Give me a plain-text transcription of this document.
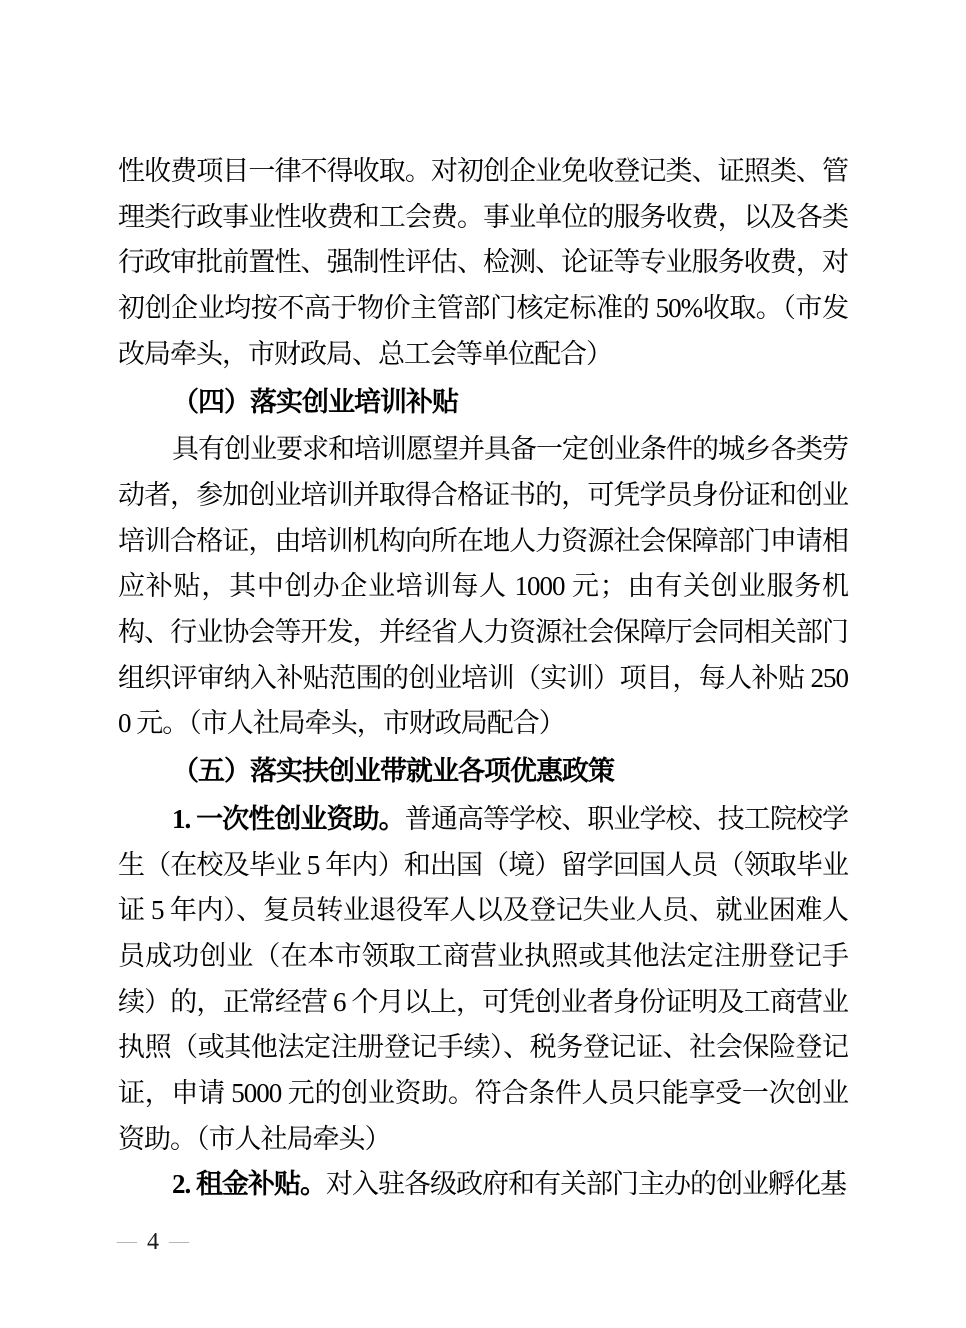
性收费项目一律不得收取。对初创企业免收登记类、证照类、管理类行政事业性收费和工会费。事业单位的服务收费，以及各类行政审批前置性、强制性评估、检测、论证等专业服务收费，对初创企业均按不高于物价主管部门核定标准的 50%收取。（市发改局牵头，市财政局、总工会等单位配合）

（四）落实创业培训补贴

具有创业要求和培训愿望并具备一定创业条件的城乡各类劳动者，参加创业培训并取得合格证书的，可凭学员身份证和创业培训合格证，由培训机构向所在地人力资源社会保障部门申请相应补贴，其中创办企业培训每人 1000 元；由有关创业服务机构、行业协会等开发，并经省人力资源社会保障厅会同相关部门组织评审纳入补贴范围的创业培训（实训）项目，每人补贴 2500 元。（市人社局牵头，市财政局配合）

（五）落实扶创业带就业各项优惠政策

1. 一次性创业资助。普通高等学校、职业学校、技工院校学生（在校及毕业 5 年内）和出国（境）留学回国人员（领取毕业证 5 年内）、复员转业退役军人以及登记失业人员、就业困难人员成功创业（在本市领取工商营业执照或其他法定注册登记手续）的，正常经营 6 个月以上，可凭创业者身份证明及工商营业执照（或其他法定注册登记手续）、税务登记证、社会保险登记证，申请 5000 元的创业资助。符合条件人员只能享受一次创业资助。（市人社局牵头）

2. 租金补贴。对入驻各级政府和有关部门主办的创业孵化基

— 4 —
